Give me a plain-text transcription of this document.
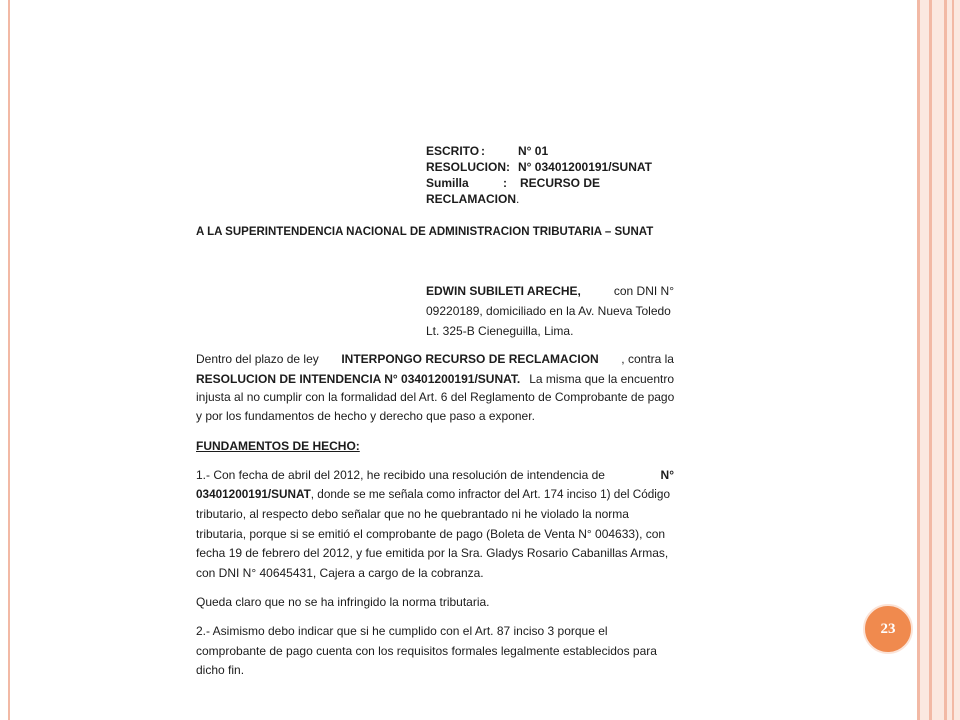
ESCRITO :	N° 01
RESOLUCION: N° 03401200191/SUNAT
Sumilla	: RECURSO DE
RECLAMACION.
A LA SUPERINTENDENCIA NACIONAL DE ADMINISTRACION TRIBUTARIA – SUNAT
EDWIN SUBILETI ARECHE,	con DNI N°
09220189, domiciliado en la Av. Nueva Toledo
Lt. 325-B Cieneguilla, Lima.
Dentro del plazo de ley INTERPONGO RECURSO DE RECLAMACION , contra la
RESOLUCION DE INTENDENCIA N° 03401200191/SUNAT. La misma que la encuentro
injusta al no cumplir con la formalidad del Art. 6 del Reglamento de Comprobante de pago
y por los fundamentos de hecho y derecho que paso a exponer.
FUNDAMENTOS DE HECHO:
1.- Con fecha de abril del 2012, he recibido una resolución de intendencia de	N°
03401200191/SUNAT, donde se me señala como infractor del Art. 174 inciso 1) del Código
tributario, al respecto debo señalar que no he quebrantado ni he violado la norma
tributaria, porque si se emitió el comprobante de pago (Boleta de Venta N° 004633), con
fecha 19 de febrero del 2012, y fue emitida por la Sra. Gladys Rosario Cabanillas Armas,
con DNI N° 40645431, Cajera a cargo de la cobranza.
Queda claro que no se ha infringido la norma tributaria.
2.- Asimismo debo indicar que si he cumplido con el Art. 87 inciso 3 porque el
comprobante de pago cuenta con los requisitos formales legalmente establecidos para
dicho fin.
23
